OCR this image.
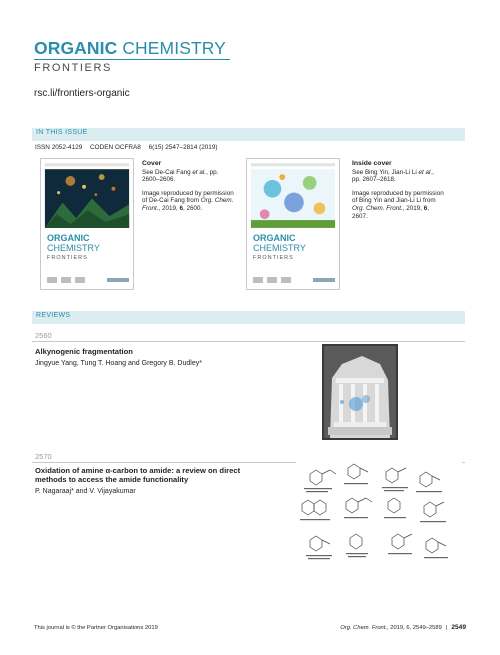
ORGANIC CHEMISTRY
FRONTIERS
rsc.li/frontiers-organic
IN THIS ISSUE
ISSN 2052-4129 CODEN OCFRA8 6(15) 2547–2814 (2019)
ORGANIC
CHEMISTRY
FRONTIERS
Cover

See De-Cai Fang et al., pp. 2600–2606.

Image reproduced by permission of De-Cai Fang from Org. Chem. Front., 2019, 6, 2600.

ORGANIC
CHEMISTRY
FRONTIERS
Inside cover

See Bing Yin, Jian-Li Li et al., pp. 2607–2618.

Image reproduced by permission of Bing Yin and Jian-Li Li from Org. Chem. Front., 2019, 6, 2607.

REVIEWS
2560
Alkynogenic fragmentation
Jingyue Yang, Tung T. Hoang and Gregory B. Dudley*
2570
Oxidation of amine α-carbon to amide: a review on direct methods to access the amide functionality
P. Nagaraaj* and V. Vijayakumar
This journal is © the Partner Organisations 2019	Org. Chem. Front., 2019, 6, 2549–2589 | 2549
